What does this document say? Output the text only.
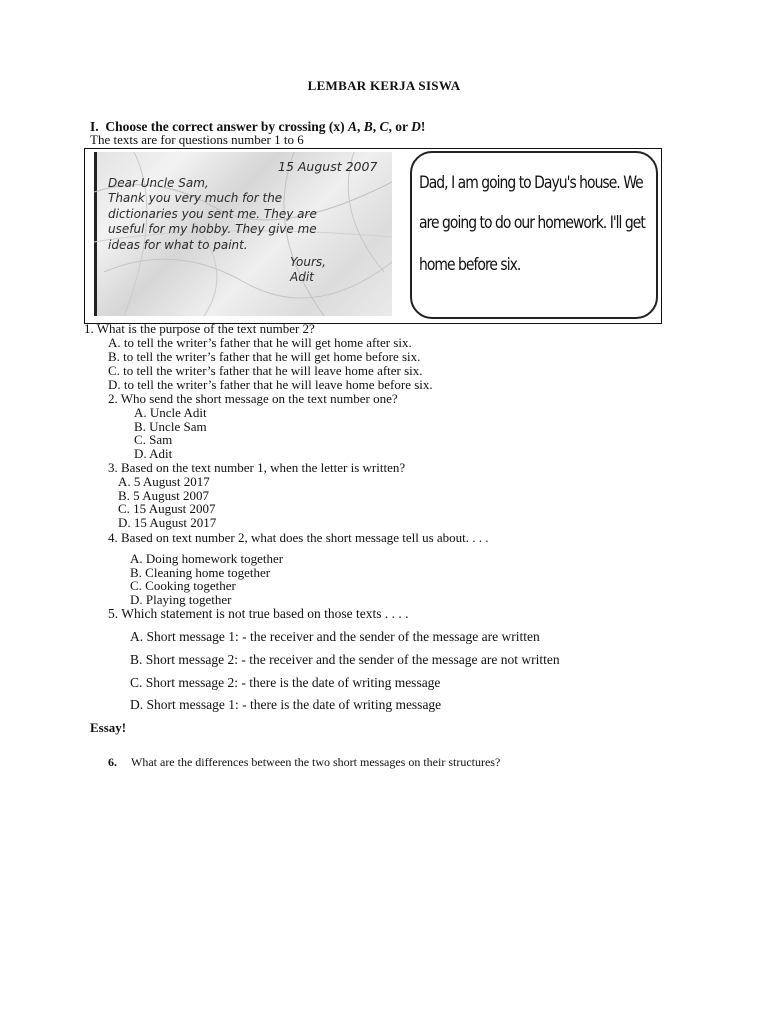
LEMBAR KERJA SISWA
I. Choose the correct answer by crossing (x) A, B, C, or D!
The texts are for questions number 1 to 6
15 August 2007
Dear Uncle Sam,
Thank you very much for the
dictionaries you sent me. They are
useful for my hobby. They give me
ideas for what to paint.
Yours,
Adit
Dad, I am going to Dayu's house. We
are going to do our homework. I'll get
home before six.
1. What is the purpose of the text number 2?
A. to tell the writer’s father that he will get home after six.
B. to tell the writer’s father that he will get home before six.
C. to tell the writer’s father that he will leave home after six.
D. to tell the writer’s father that he will leave home before six.
2. Who send the short message on the text number one?
A. Uncle Adit
B. Uncle Sam
C. Sam
D. Adit
3. Based on the text number 1, when the letter is written?
A. 5 August 2017
B. 5 August 2007
C. 15 August 2007
D. 15 August 2017
4. Based on text number 2, what does the short message tell us about. . . .
A. Doing homework together
B. Cleaning home together
C. Cooking together
D. Playing together
5. Which statement is not true based on those texts . . . .
A. Short message 1: - the receiver and the sender of the message are written
B. Short message 2: - the receiver and the sender of the message are not written
C. Short message 2: - there is the date of writing message
D. Short message 1: - there is the date of writing message
Essay!
6. What are the differences between the two short messages on their structures?
